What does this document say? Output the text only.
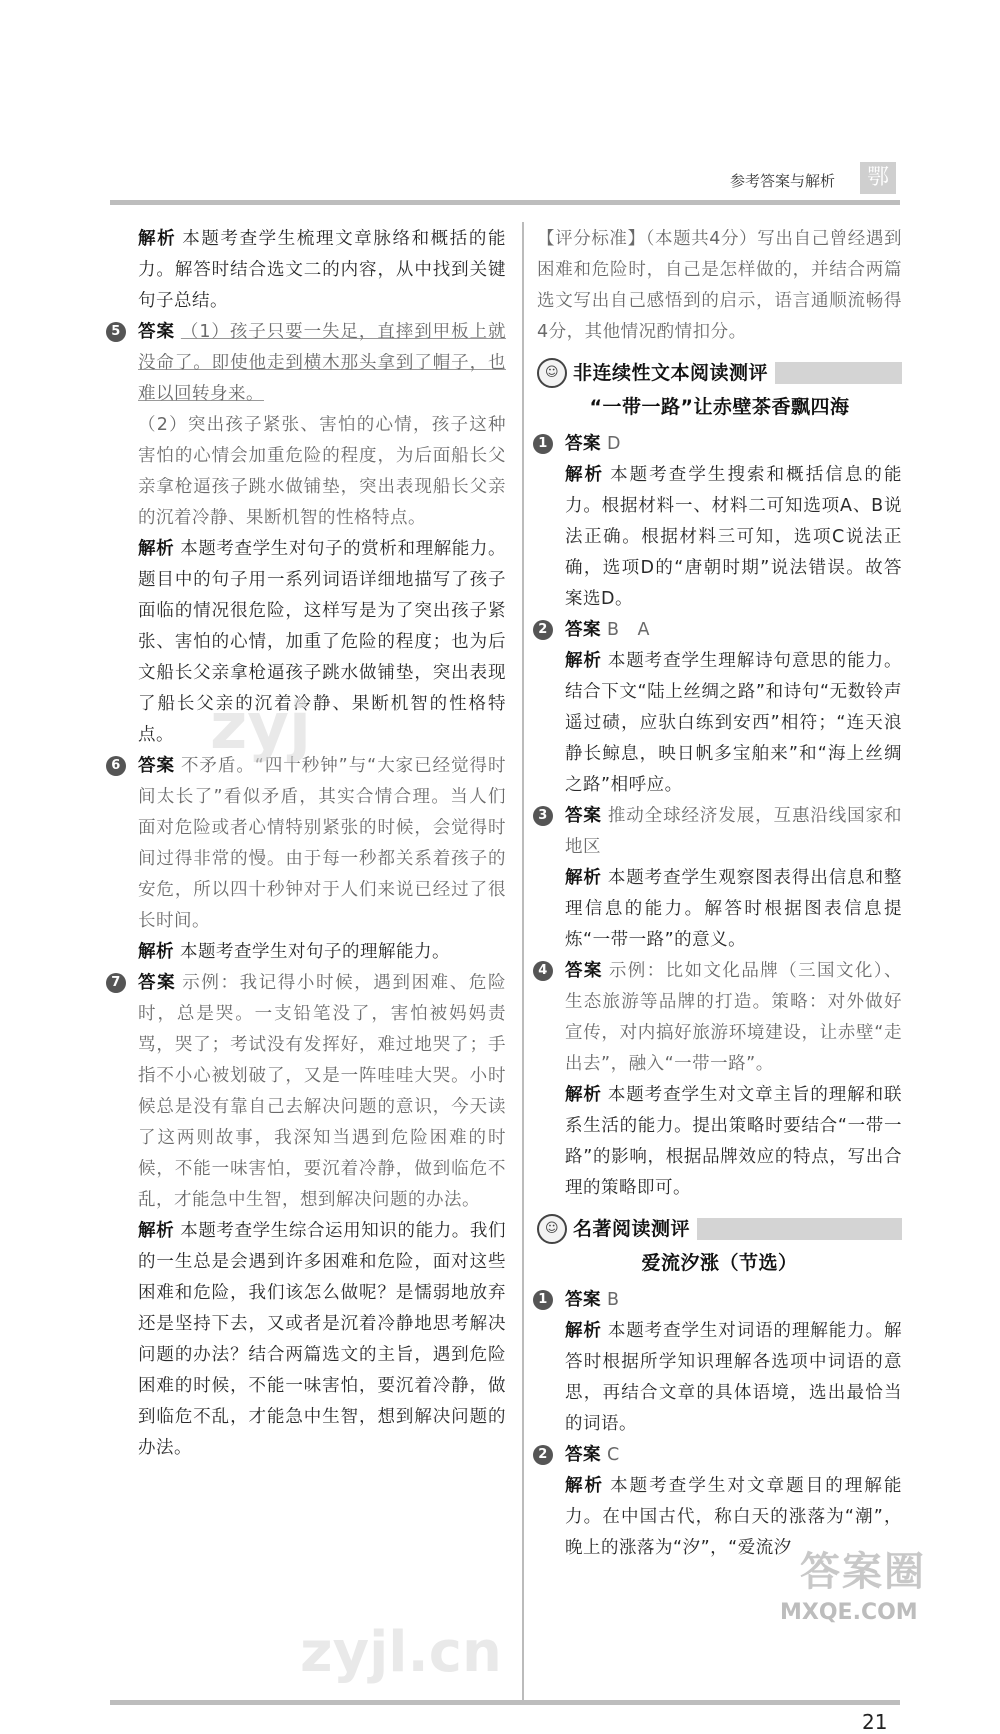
参考答案与解析	鄂

解析 本题考查学生梳理文章脉络和概括的能力。解答时结合选文二的内容，从中找到关键句子总结。

5 答案 （1）孩子只要一失足，直摔到甲板上就没命了。即使他走到横木那头拿到了帽子，也难以回转身来。

（2）突出孩子紧张、害怕的心情，孩子这种害怕的心情会加重危险的程度，为后面船长父亲拿枪逼孩子跳水做铺垫，突出表现船长父亲的沉着冷静、果断机智的性格特点。

解析 本题考查学生对句子的赏析和理解能力。题目中的句子用一系列词语详细地描写了孩子面临的情况很危险，这样写是为了突出孩子紧张、害怕的心情，加重了危险的程度；也为后文船长父亲拿枪逼孩子跳水做铺垫，突出表现了船长父亲的沉着冷静、果断机智的性格特点。

6 答案 不矛盾。“四十秒钟”与“大家已经觉得时间太长了”看似矛盾，其实合情合理。当人们面对危险或者心情特别紧张的时候，会觉得时间过得非常的慢。由于每一秒都关系着孩子的安危，所以四十秒钟对于人们来说已经过了很长时间。

解析 本题考查学生对句子的理解能力。

7 答案 示例：我记得小时候，遇到困难、危险时，总是哭。一支铅笔没了，害怕被妈妈责骂，哭了；考试没有发挥好，难过地哭了；手指不小心被划破了，又是一阵哇哇大哭。小时候总是没有靠自己去解决问题的意识，今天读了这两则故事，我深知当遇到危险困难的时候，不能一味害怕，要沉着冷静，做到临危不乱，才能急中生智，想到解决问题的办法。

解析 本题考查学生综合运用知识的能力。我们的一生总是会遇到许多困难和危险，面对这些困难和危险，我们该怎么做呢？是懦弱地放弃还是坚持下去，又或者是沉着冷静地思考解决问题的办法？结合两篇选文的主旨，遇到危险困难的时候，不能一味害怕，要沉着冷静，做到临危不乱，才能急中生智，想到解决问题的办法。

【评分标准】（本题共4分）写出自己曾经遇到困难和危险时，自己是怎样做的，并结合两篇选文写出自己感悟到的启示，语言通顺流畅得4分，其他情况酌情扣分。

☺ 非连续性文本阅读测评
“一带一路”让赤壁茶香飘四海
1 答案 D

解析 本题考查学生搜索和概括信息的能力。根据材料一、材料二可知选项A、B说法正确。根据材料三可知，选项C说法正确，选项D的“唐朝时期”说法错误。故答案选D。

2 答案 B　A

解析 本题考查学生理解诗句意思的能力。结合下文“陆上丝绸之路”和诗句“无数铃声遥过碛，应驮白练到安西”相符；“连天浪静长鲸息，映日帆多宝舶来”和“海上丝绸之路”相呼应。

3 答案 推动全球经济发展，互惠沿线国家和地区

解析 本题考查学生观察图表得出信息和整理信息的能力。解答时根据图表信息提炼“一带一路”的意义。

4 答案 示例：比如文化品牌（三国文化）、生态旅游等品牌的打造。策略：对外做好宣传，对内搞好旅游环境建设，让赤壁“走出去”，融入“一带一路”。

解析 本题考查学生对文章主旨的理解和联系生活的能力。提出策略时要结合“一带一路”的影响，根据品牌效应的特点，写出合理的策略即可。

☺ 名著阅读测评
爱流汐涨（节选）
1 答案 B

解析 本题考查学生对词语的理解能力。解答时根据所学知识理解各选项中词语的意思，再结合文章的具体语境，选出最恰当的词语。

2 答案 C

解析 本题考查学生对文章题目的理解能力。在中国古代，称白天的涨落为“潮”，晚上的涨落为“汐”，“爱流汐

zyj
zyjl.cn
21
答案圈
MXQE.COM
